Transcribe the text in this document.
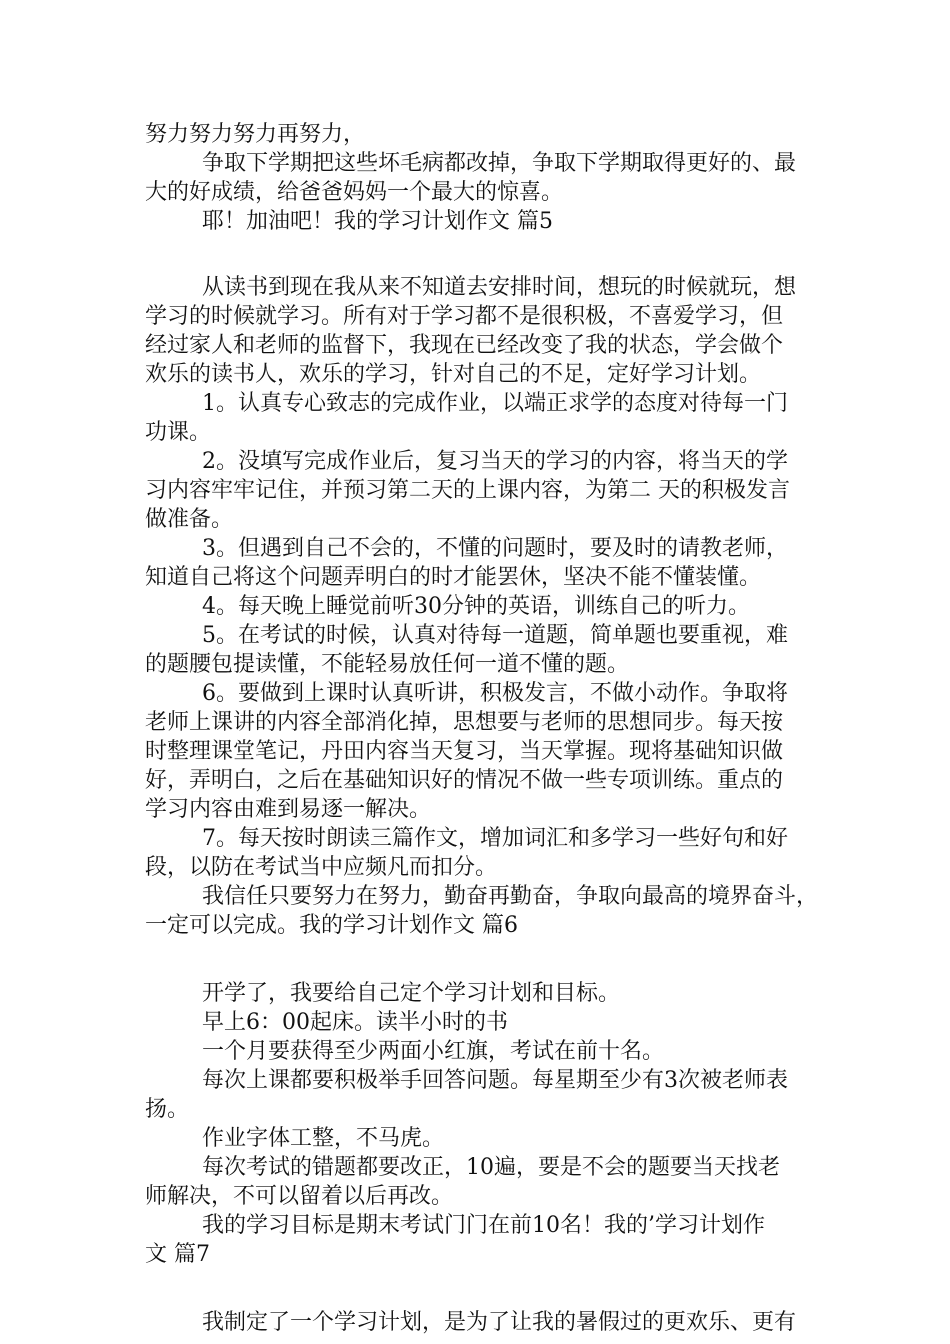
努力努力努力再努力，
争取下学期把这些坏毛病都改掉，争取下学期取得更好的、最
大的好成绩，给爸爸妈妈一个最大的惊喜。
耶！加油吧！我的学习计划作文 篇5
从读书到现在我从来不知道去安排时间，想玩的时候就玩，想
学习的时候就学习。所有对于学习都不是很积极，不喜爱学习，但
经过家人和老师的监督下，我现在已经改变了我的状态，学会做个
欢乐的读书人，欢乐的学习，针对自己的不足，定好学习计划。
1。认真专心致志的完成作业，以端正求学的态度对待每一门
功课。
2。没填写完成作业后，复习当天的学习的内容，将当天的学
习内容牢牢记住，并预习第二天的上课内容，为第二 天的积极发言
做准备。
3。但遇到自己不会的，不懂的问题时，要及时的请教老师，
知道自己将这个问题弄明白的时才能罢休，坚决不能不懂装懂。
4。每天晚上睡觉前听30分钟的英语，训练自己的听力。
5。在考试的时候，认真对待每一道题，简单题也要重视，难
的题腰包提读懂，不能轻易放任何一道不懂的题。
6。要做到上课时认真听讲，积极发言，不做小动作。争取将
老师上课讲的内容全部消化掉，思想要与老师的思想同步。每天按
时整理课堂笔记，丹田内容当天复习，当天掌握。现将基础知识做
好，弄明白，之后在基础知识好的情况不做一些专项训练。重点的
学习内容由难到易逐一解决。
7。每天按时朗读三篇作文，增加词汇和多学习一些好句和好
段，以防在考试当中应频凡而扣分。
我信任只要努力在努力，勤奋再勤奋，争取向最高的境界奋斗，
一定可以完成。我的学习计划作文 篇6
开学了，我要给自己定个学习计划和目标。
早上6：00起床。读半小时的书
一个月要获得至少两面小红旗，考试在前十名。
每次上课都要积极举手回答问题。每星期至少有3次被老师表
扬。
作业字体工整，不马虎。
每次考试的错题都要改正，10遍，要是不会的题要当天找老
师解决，不可以留着以后再改。
我的学习目标是期末考试门门在前10名！我的’学习计划作
文 篇7
我制定了一个学习计划，是为了让我的暑假过的更欢乐、更有
